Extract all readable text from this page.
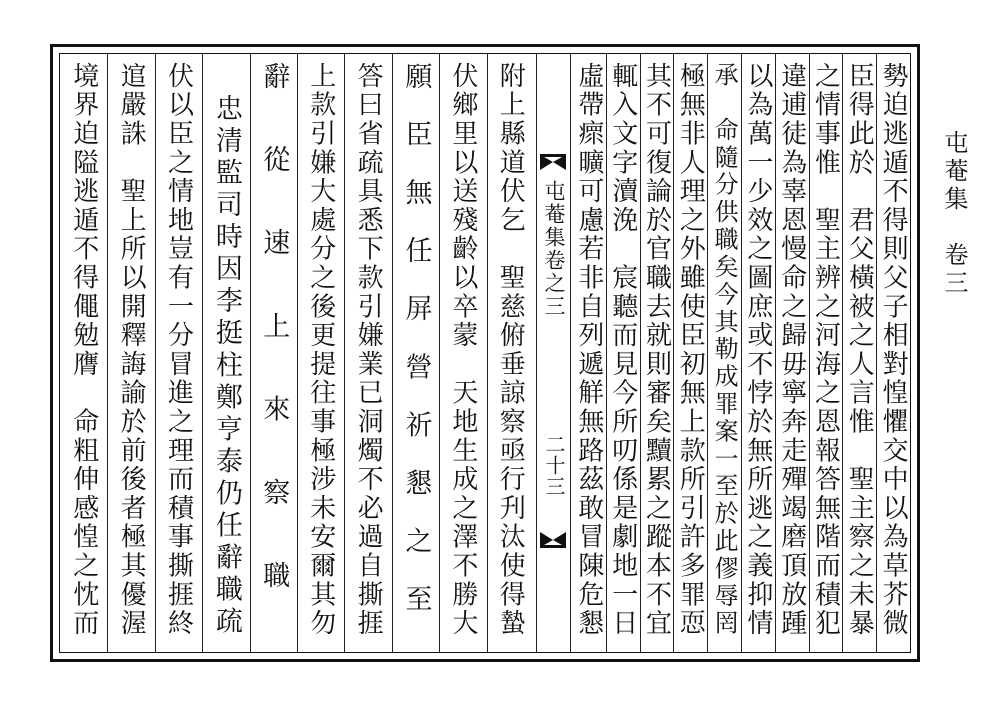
勢迫逃遁不得則父子相對惶懼交中以為草芥微
臣得此於　君父橫被之人言惟　聖主察之未暴
之情事惟　聖主辨之河海之恩報答無階而積犯
違逋徒為辜恩慢命之歸毋寧奔走殫竭磨頂放踵
以為萬一少效之圖庶或不悖於無所逃之義抑情
承　命隨分供職矣今其勒成罪案一至於此僇辱罔
極無非人理之外雖使臣初無上款所引許多罪恧
其不可復論於官職去就則審矣黷累之蹤本不宜
屯菴集卷之三
二十三 輒入文字瀆浼　宸聽而見今所叨係是劇地一日
虛帶瘝曠可慮若非自列遞觧無路茲敢冒陳危懇
附上縣道伏乞　聖慈俯垂諒察亟行刋汰使得蟄
伏鄉里以送殘齡以卒蒙　天地生成之澤不勝大
願臣無任屏營祈懇之至
答曰省疏具悉下款引嫌業已洞燭不必過自撕捱
上款引嫌大處分之後更提往事極涉未安爾其勿
辭從速上來察職
　忠清監司時因李挺柱鄭亨泰仍任辭職疏
伏以臣之情地豈有一分冒進之理而積事撕捱終
逭嚴誅　聖上所以開釋誨諭於前後者極其優渥
境界迫隘逃遁不得僶勉膺　命粗伸感惶之忱而	屯菴集　卷三
